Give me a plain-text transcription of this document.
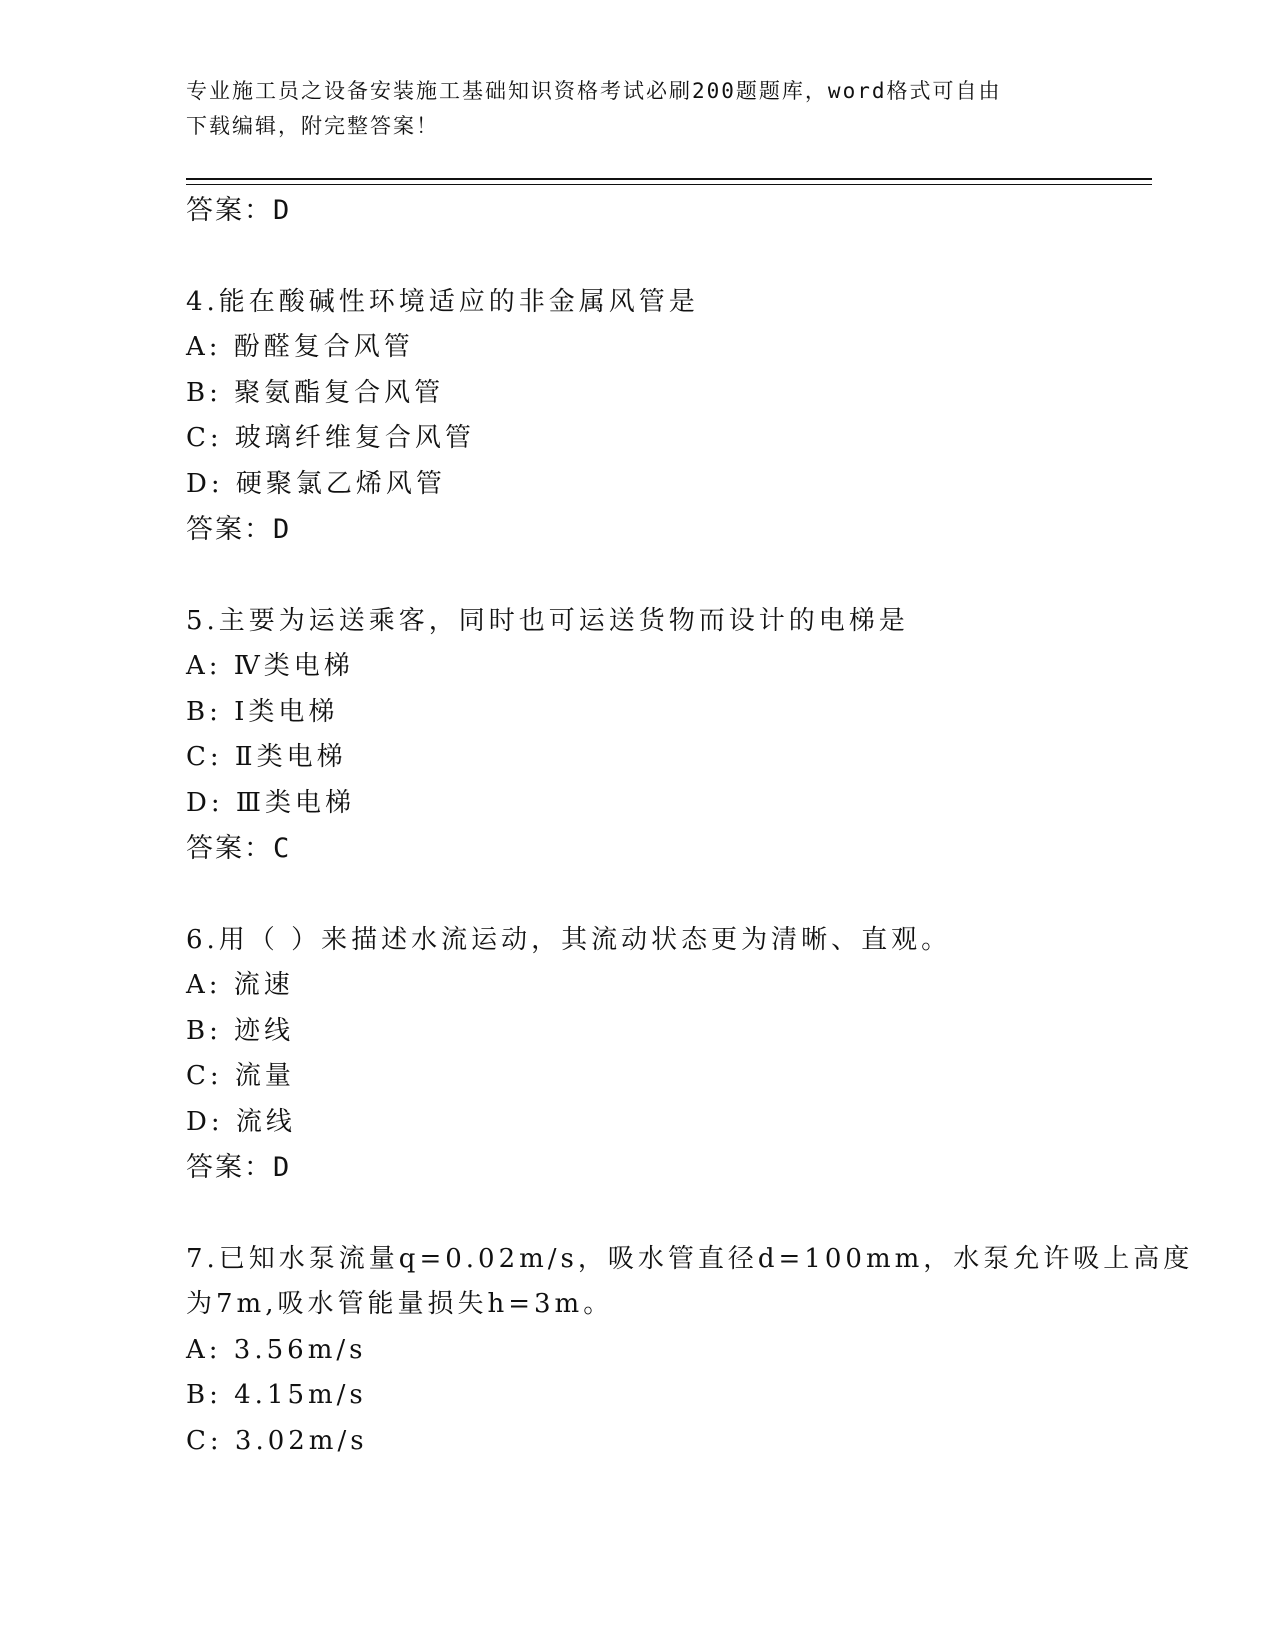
专业施工员之设备安装施工基础知识资格考试必刷200题题库，word格式可自由
下载编辑，附完整答案！
答案：D
4.能在酸碱性环境适应的非金属风管是
A: 酚醛复合风管
B: 聚氨酯复合风管
C: 玻璃纤维复合风管
D: 硬聚氯乙烯风管
答案：D
5.主要为运送乘客，同时也可运送货物而设计的电梯是
A: Ⅳ类电梯
B: Ⅰ类电梯
C: Ⅱ类电梯
D: Ⅲ类电梯
答案：C
6.用（ ）来描述水流运动，其流动状态更为清晰、直观。
A: 流速
B: 迹线
C: 流量
D: 流线
答案：D
7.已知水泵流量q=0.02m/s，吸水管直径d=100mm，水泵允许吸上高度
为7m,吸水管能量损失h=3m。
A: 3.56m/s
B: 4.15m/s
C: 3.02m/s
